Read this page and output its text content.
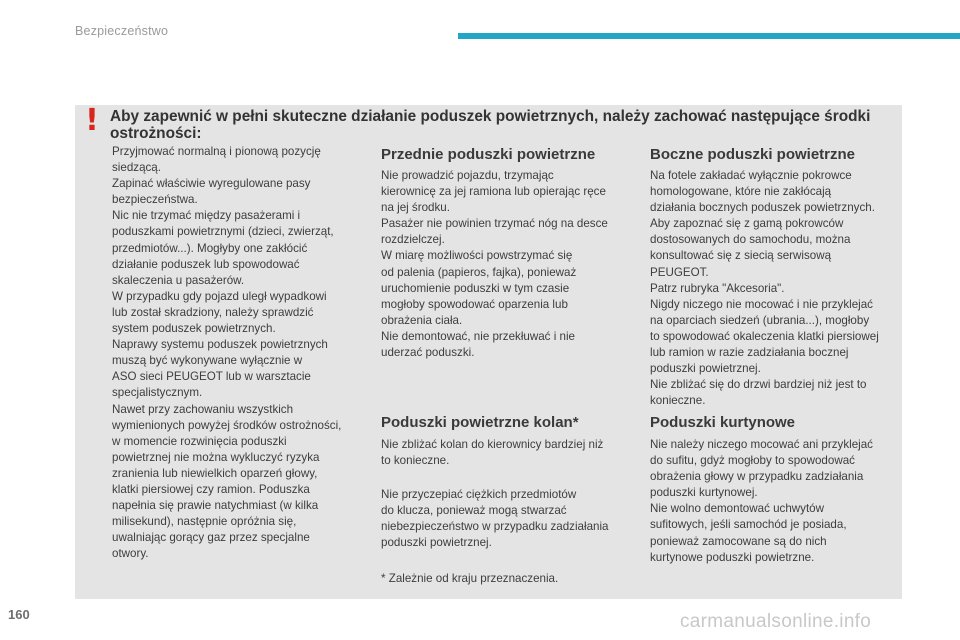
Bezpieczeństwo
! Aby zapewnić w pełni skuteczne działanie poduszek powietrznych, należy zachować następujące środki ostrożności:
Przyjmować normalną i pionową pozycję
siedzącą.
Zapinać właściwie wyregulowane pasy
bezpieczeństwa.
Nic nie trzymać między pasażerami i
poduszkami powietrznymi (dzieci, zwierząt,
przedmiotów...). Mogłyby one zakłócić
działanie poduszek lub spowodować
skaleczenia u pasażerów.
W przypadku gdy pojazd uległ wypadkowi
lub został skradziony, należy sprawdzić
system poduszek powietrznych.
Naprawy systemu poduszek powietrznych
muszą być wykonywane wyłącznie w
ASO sieci PEUGEOT lub w warsztacie
specjalistycznym.
Nawet przy zachowaniu wszystkich
wymienionych powyżej środków ostrożności,
w momencie rozwinięcia poduszki
powietrznej nie można wykluczyć ryzyka
zranienia lub niewielkich oparzeń głowy,
klatki piersiowej czy ramion. Poduszka
napełnia się prawie natychmiast (w kilka
milisekund), następnie opróżnia się,
uwalniając gorący gaz przez specjalne
otwory.
Przednie poduszki powietrzne
Nie prowadzić pojazdu, trzymając
kierownicę za jej ramiona lub opierając ręce
na jej środku.
Pasażer nie powinien trzymać nóg na desce
rozdzielczej.
W miarę możliwości powstrzymać się
od palenia (papieros, fajka), ponieważ
uruchomienie poduszki w tym czasie
mogłoby spowodować oparzenia lub
obrażenia ciała.
Nie demontować, nie przekłuwać i nie
uderzać poduszki.
Poduszki powietrzne kolan*
Nie zbliżać kolan do kierownicy bardziej niż
to konieczne.
Nie przyczepiać ciężkich przedmiotów
do klucza, ponieważ mogą stwarzać
niebezpieczeństwo w przypadku zadziałania
poduszki powietrznej.
* Zależnie od kraju przeznaczenia.
Boczne poduszki powietrzne
Na fotele zakładać wyłącznie pokrowce
homologowane, które nie zakłócają
działania bocznych poduszek powietrznych.
Aby zapoznać się z gamą pokrowców
dostosowanych do samochodu, można
konsultować się z siecią serwisową
PEUGEOT.
Patrz rubryka "Akcesoria".
Nigdy niczego nie mocować i nie przyklejać
na oparciach siedzeń (ubrania...), mogłoby
to spowodować okaleczenia klatki piersiowej
lub ramion w razie zadziałania bocznej
poduszki powietrznej.
Nie zbliżać się do drzwi bardziej niż jest to
konieczne.
Poduszki kurtynowe
Nie należy niczego mocować ani przyklejać
do sufitu, gdyż mogłoby to spowodować
obrażenia głowy w przypadku zadziałania
poduszki kurtynowej.
Nie wolno demontować uchwytów
sufitowych, jeśli samochód je posiada,
ponieważ zamocowane są do nich
kurtynowe poduszki powietrzne.
160	carmanualsonline.info
